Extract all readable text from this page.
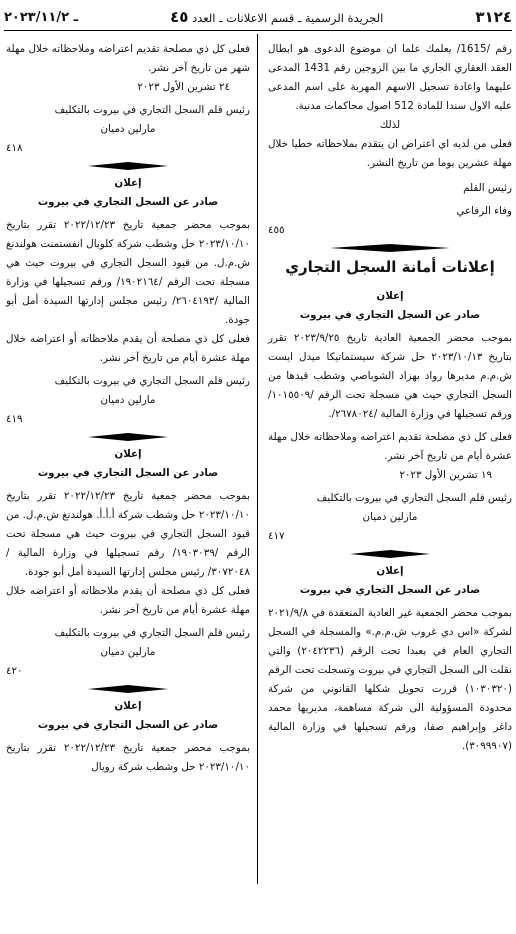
٣١٢٤
الجريدة الرسمية ـ قسم الاعلانات ـ العدد ٤٥
ـ ٢٠٢٣/١١/٢

رقم /1615/ يعلمك علما ان موضوع الدعوى هو ابطال العقد العقاري الجاري ما بين الزوجين رقم 1431 المدعى عليهما واعادة تسجيل الاسهم المهربة على اسم المدعى عليه الاول سندا للمادة 512 اصول محاكمات مدنية.

لذلك

فعلى من لديه اي اعتراض ان يتقدم بملاحظاته خطيا خلال مهلة عشرين يوما من تاريخ النشر.

رئيس القلم

وفاء الرفاعي

٤٥٥

إعلانات أمانة السجل التجاري

إعلان

صادر عن السجل التجاري في بيروت

بموجب محضر الجمعية العادية تاريخ ٢٠٢٣/٩/٢٥ تقرر بتاريخ ٢٠٢٣/١٠/١٣ حل شركة سيستماتيكا ميدل ايست ش.م.م مديرها رواد بهزاد الشوباصي وشطب قيدها من السجل التجاري حيث هي مسجلة تحت الرقم /١٠١٥٥٠٩/ ورقم تسجيلها في وزارة المالية /٢٦٧٨٠٢٤/.

فعلى كل ذي مصلحة تقديم اعتراضه وملاحظاته خلال مهلة عشرة أيام من تاريخ آخر نشر.

١٩ تشرين الأول ٢٠٢٣

رئيس قلم السجل التجاري في بيروت بالتكليف

مارلين دميان

٤١٧

إعلان

صادر عن السجل التجاري في بيروت

بموجب محضر الجمعية غير العادية المنعقدة في ٢٠٢١/٩/٨ لشركة «اس دي غروب ش.م.م.» والمسجلة في السجل التجاري العام في بعبدا تحت الرقم (٢٠٤٢٢٣٦) والتي نقلت الى السجل التجاري في بيروت وتسجلت تحت الرقم (١٠٣٠٣٢٠) قررت تحويل شكلها القانوني من شركة محدودة المسؤولية الى شركة مساهمة، مديريها محمد داغر وإبراهيم صفا، ورقم تسجيلها في وزارة المالية (٣٠٩٩٩٠٧).

فعلى كل ذي مصلحة تقديم اعتراضه وملاحظاته خلال مهلة شهر من تاريخ آخر نشر.

٢٤ تشرين الأول ٢٠٢٣

رئيس قلم السجل التجاري في بيروت بالتكليف

مارلين دميان

٤١٨

إعلان

صادر عن السجل التجاري في بيروت

بموجب محضر جمعية تاريخ ٢٠٢٢/١٢/٢٣ تقرر بتاريخ ٢٠٢٣/١٠/١٠ حل وشطب شركة كلوبال انفستمنت هولندنغ ش.م.ل. من قيود السجل التجاري في بيروت حيث هي مسجلة تحت الرقم /١٩٠٢١٦٤/ ورقم تسجيلها في وزارة المالية /٢٦٠٤١٩٣/ رئيس مجلس إدارتها السيدة أمل أبو جودة.

فعلى كل ذي مصلحة أن يقدم ملاحظاته أو اعتراضه خلال مهلة عشرة أيام من تاريخ آخر نشر.

رئيس قلم السجل التجاري في بيروت بالتكليف

مارلين دميان

٤١٩

إعلان

صادر عن السجل التجاري في بيروت

بموجب محضر جمعية تاريخ ٢٠٢٢/١٢/٢٣ تقرر بتاريخ ٢٠٢٣/١٠/١٠ حل وشطب شركة أ.أ.أ. هولندنغ ش.م.ل. من قيود السجل التجاري في بيروت حيث هي مسجلة تحت الرقم /١٩٠٣٠٣٩/ رقم تسجيلها في وزارة المالية /٣٠٧٢٠٤٨/ رئيس مجلس إدارتها السيدة أمل أبو جودة.

فعلى كل ذي مصلحة أن يقدم ملاحظاته أو اعتراضه خلال مهلة عشرة أيام من تاريخ آخر نشر.

رئيس قلم السجل التجاري في بيروت بالتكليف

مارلين دميان

٤٢٠

إعلان

صادر عن السجل التجاري في بيروت

بموجب محضر جمعية تاريخ ٢٠٢٢/١٢/٢٣ تقرر بتاريخ ٢٠٢٣/١٠/١٠ حل وشطب شركة رويال
